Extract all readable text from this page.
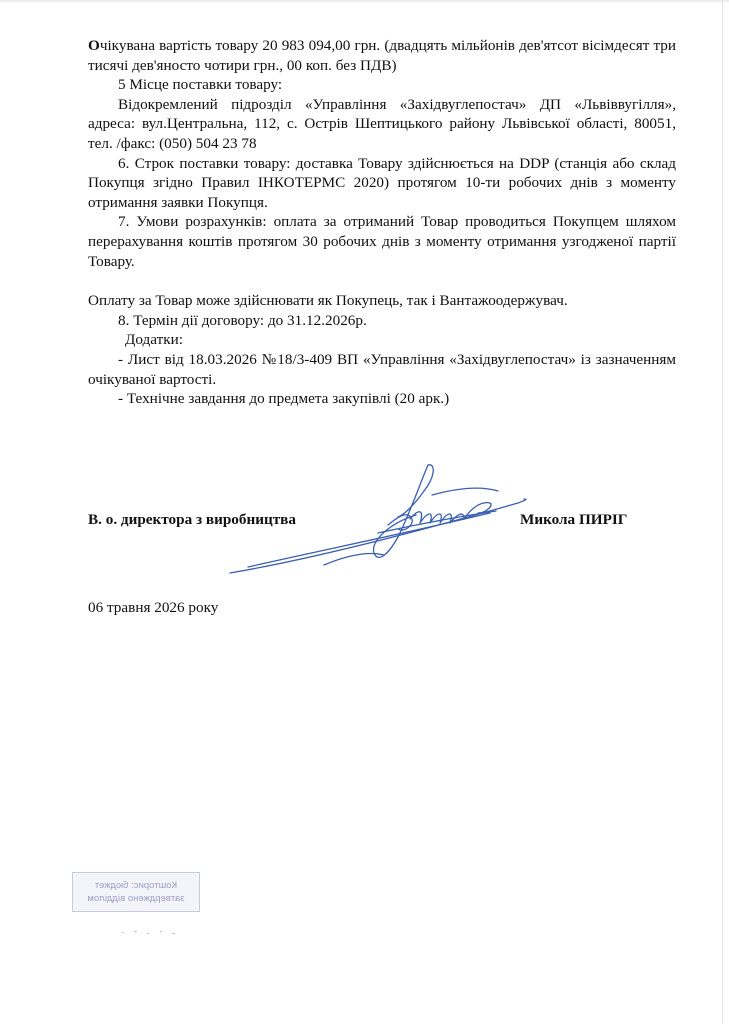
Очікувана вартість товару 20 983 094,00 грн. (двадцять мільйонів дев'ятсот вісімдесят три тисячі дев'яносто чотири грн., 00 коп. без ПДВ)

5 Місце поставки товару:

Відокремлений підрозділ «Управління «Західвуглепостач» ДП «Львіввугілля», адреса: вул.Центральна, 112, с. Острів Шептицького району Львівської області, 80051, тел. /факс: (050) 504 23 78

6. Строк поставки товару: доставка Товару здійснюється на DDP (станція або склад Покупця згідно Правил ІНКОТЕРМС 2020) протягом 10-ти робочих днів з моменту отримання заявки Покупця.

7. Умови розрахунків: оплата за отриманий Товар проводиться Покупцем шляхом перерахування коштів протягом 30 робочих днів з моменту отримання узгодженої партії Товару.

Оплату за Товар може здійснювати як Покупець, так і Вантажоодержувач.

8. Термін дії договору: до 31.12.2026р.

Додатки:

- Лист від 18.03.2026 №18/3-409 ВП «Управління «Західвуглепостач» із зазначенням очікуваної вартості.

- Технічне завдання до предмета закупівлі (20 арк.)

В. о. директора з виробництва	Микола ПИРІГ
06 травня 2026 року
Кошторис: бюджет
затверджено відділом
